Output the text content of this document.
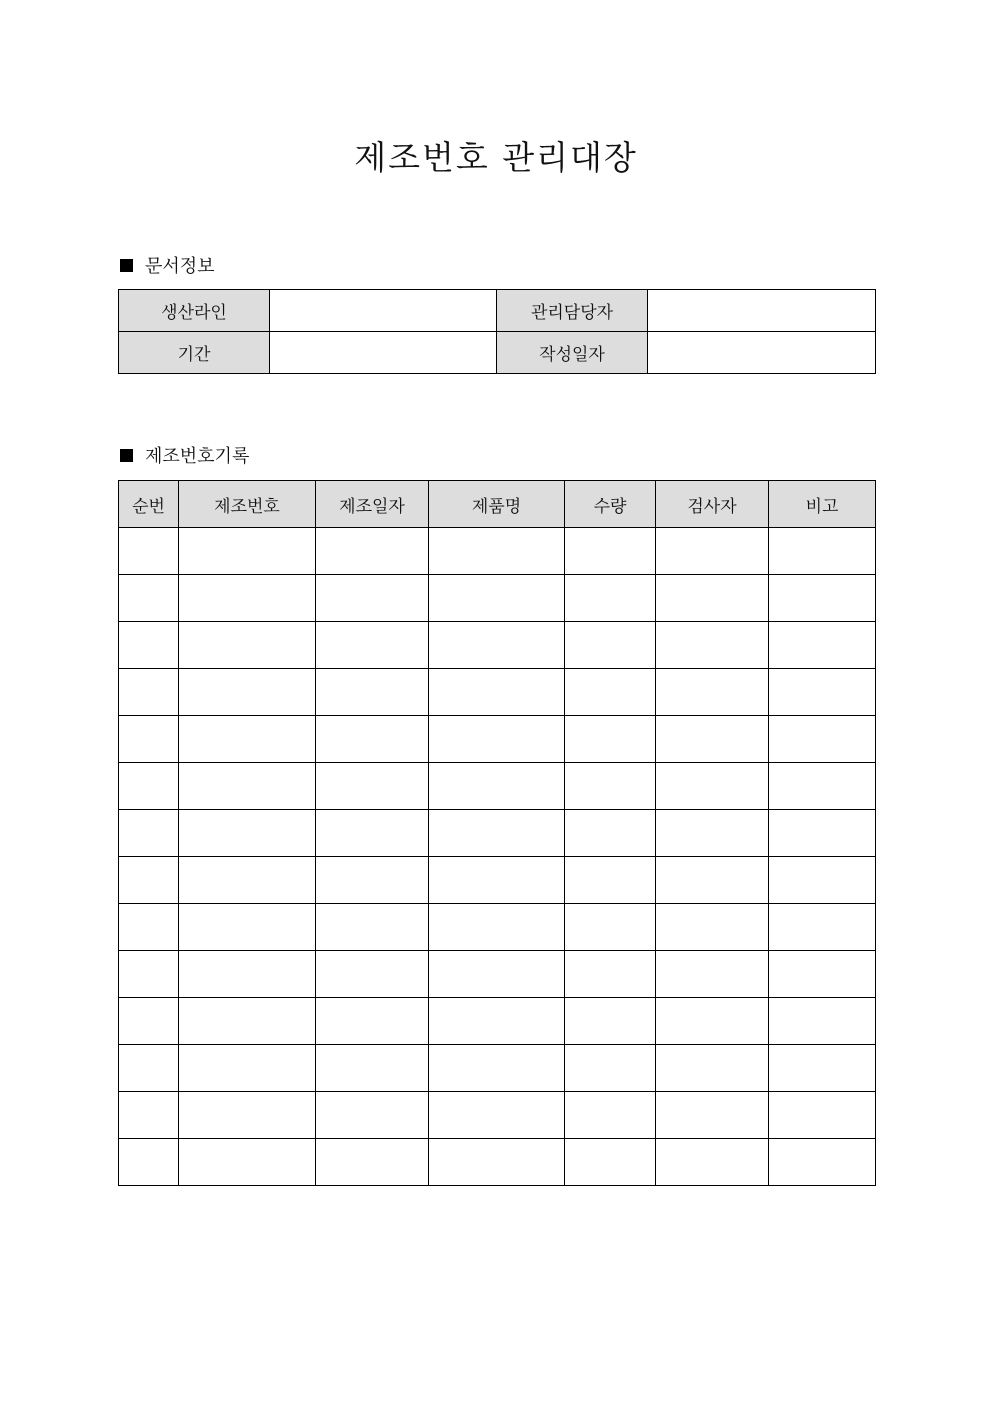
제조번호 관리대장
문서정보
생산라인		관리담당자	
기간		작성일자	
제조번호기록
순번	제조번호	제조일자	제품명	수량	검사자	비고
